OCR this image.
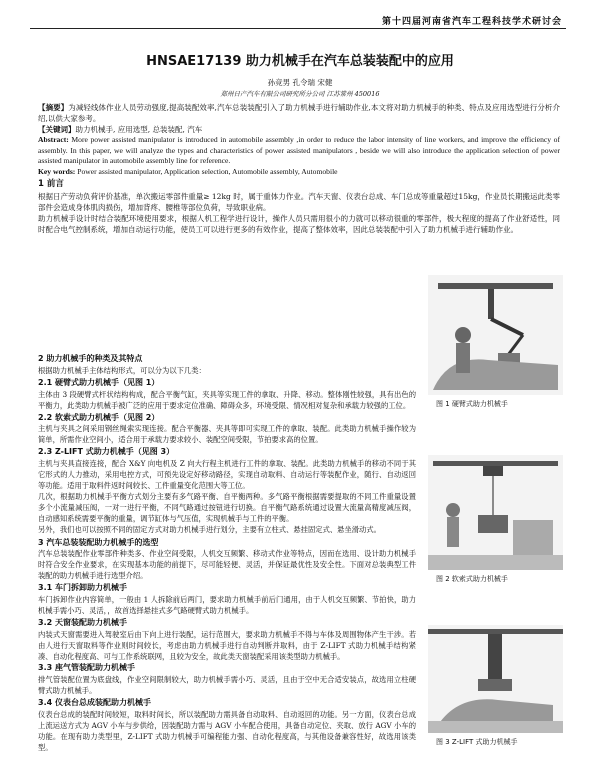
第十四届河南省汽车工程科技学术研讨会
HNSAE17139 助力机械手在汽车总装装配中的应用
孙竞男 孔令瑞 宋健
郑州日产汽车有限公司研究所分公司 江苏常州 450016

【摘要】为减轻线体作业人员劳动强度,提高装配效率,汽车总装装配引入了助力机械手进行辅助作业,本文将对助力机械手的种类、特点及应用选型进行分析介绍,以供大家参考。

【关键词】助力机械手, 应用选型, 总装装配, 汽车

Abstract: More power assisted manipulator is introduced in automobile assembly ,in order to reduce the labor intensity of line workers, and improve the efficiency of assembly. In this paper, we will analyze the types and characteristics of power assisted manipulators , beside we will also introduce the application selection of power assisted manipulator in automobile assembly line for reference.

Key words: Power assisted manipulator, Application selection, Automobile assembly, Automobile

1 前言

根据日产劳动负荷评价基准，单次搬运零部件重量≥ 12kg 时，属于重体力作业。汽车天窗、仪表台总成、车门总成等重量超过15kg，作业员长期搬运此类零部件会造成身体肌肉损伤，增加背疼、腰椎等部位负荷，导致职业病。

助力机械手设计时结合装配环境使用要求，根据人机工程学进行设计，操作人员只需用很小的力就可以移动很重的零部件，极大程度的提高了作业舒适性，同时配合电气控制系统，增加自动运行功能，使员工可以进行更多的有效作业，提高了整体效率，因此总装装配中引入了助力机械手进行辅助作业。

2 助力机械手的种类及其特点

根据助力机械手主体结构形式，可以分为以下几类：

2.1 硬臂式助力机械手（见图 1）

主体由 3 段硬臂式杆状结构构成，配合平衡气缸，夹具等实现工件的拿取、升降、移动。整体刚性较强，具有出色的平衡力，此类助力机械手被广泛的应用于要求定位准确、障碍众多，环境受限、情况相对复杂和承载力较强的工位。

2.2 软索式助力机械手（见图 2）

主机与夹具之间采用钢丝绳索实现连接。配合平衡器、夹具等即可实现工件的拿取、装配。此类助力机械手操作较为简单，所需作业空间小，适合用于承载力要求较小、装配空间受限，节拍要求高的位置。

2.3 Z-LIFT 式助力机械手（见图 3）

主机与夹具直接连接，配合 X&Y 向电机及 Z 向大行程主机进行工件的拿取、装配。此类助力机械手的移动不同于其它形式的人力推动，采用电控方式，可预先设定好移动路径，实现自动取料、自动运行等装配作业，随行、自动返回等功能。适用于取料件返时间较长、工件重量变化范围大等工位。

几次，根据助力机械手平衡方式划分主要有多气路平衡、自平衡两种。多气路平衡根据需要提取的不同工件重量设置多个小流量减压阀，一对一进行平衡，不同气路通过按钮进行切换。自平衡气路系统通过设置大流量高精度减压阀，自动感知系统需要平衡的重量，调节缸体与气压值，实现机械手与工件的平衡。

另外，我们也可以按照不同的固定方式对助力机械手进行划分，主要有立柱式、悬挂固定式、悬坐滑动式。

3 汽车总装装配助力机械手的选型

汽车总装装配作业零部件种类多、作业空间受限，人机交互频繁、移动式作业等特点，因而在选用、设计助力机械手时符合安全作业要求，在实现基本功能的前提下，尽可能轻便、灵活，并保证最优性及安全性。下面对总装典型工件装配的助力机械手进行选型介绍。

3.1 车门拆卸助力机械手

车门拆卸作业内容简单，一般由 1 人拆除前后两门，要求助力机械手前后门通用，由于人机交互频繁、节拍快，助力机械手需小巧、灵活，，故首选择悬挂式多气路硬臂式助力机械手。

3.2 天窗装配助力机械手

内装式天窗需要进入驾驶室后由下向上进行装配，运行范围大，要求助力机械手不得与车体及周围物体产生干涉。若由人进行天窗取料等作业则时间较长，考虑由助力机械手进行自动判断并取料，由于 Z-LIFT 式助力机械手结构紧凑、自动化程度高、可与工作系统联网，且较为安全，故此类天窗装配采用该类型助力机械手。

3.3 座气管装配助力机械手

排气管装配位置为底盘线，作业空间限制较大，助力机械手需小巧、灵活，且由于空中无合适安装点，故选用立柱硬臂式助力机械手。

3.4 仪表台总成装配助力机械手

仪表台总成的装配时间较短，取料时间长，所以装配助力需具备自动取料、自动返回的功能。另一方面，仪表台总成上流运送方式为 AGV 小车与步供给，因装配助力需与 AGV 小车配合使用，具备自动定位、夹取、放行 AGV 小车的功能。在现有助力类型里，Z-LIFT 式助力机械手可编程能力强、自动化程度高，与其他设备兼容性好，故选用该类型。

图 1 硬臂式助力机械手
图 2 软索式助力机械手
图 3 Z-LIFT 式助力机械手
